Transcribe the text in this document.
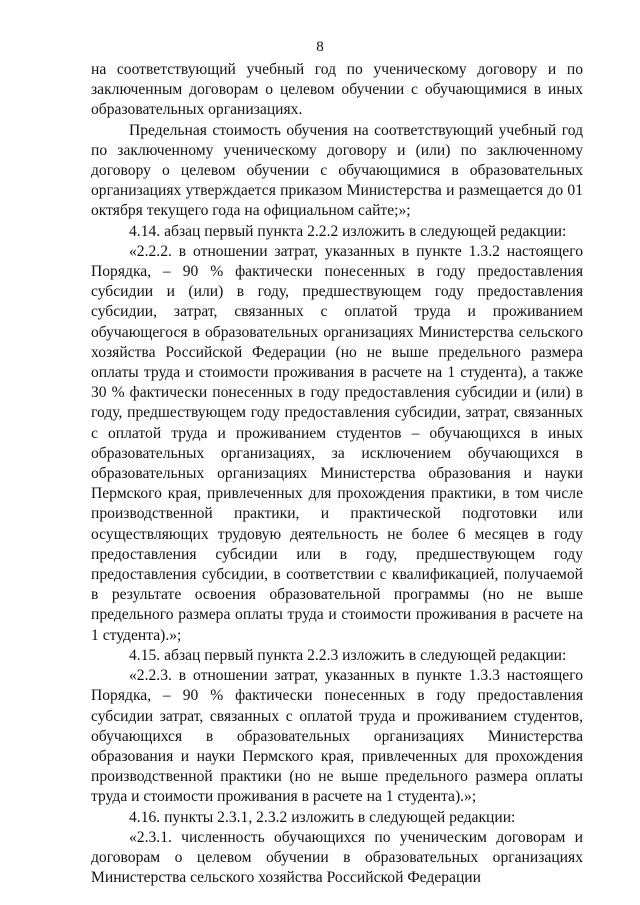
8

на соответствующий учебный год по ученическому договору и по заключенным договорам о целевом обучении с обучающимися в иных образовательных организациях.

Предельная стоимость обучения на соответствующий учебный год по заключенному ученическому договору и (или) по заключенному договору о целевом обучении с обучающимися в образовательных организациях утверждается приказом Министерства и размещается до 01 октября текущего года на официальном сайте;»;

4.14. абзац первый пункта 2.2.2 изложить в следующей редакции:

«2.2.2. в отношении затрат, указанных в пункте 1.3.2 настоящего Порядка, – 90 % фактически понесенных в году предоставления субсидии и (или) в году, предшествующем году предоставления субсидии, затрат, связанных с оплатой труда и проживанием обучающегося в образовательных организациях Министерства сельского хозяйства Российской Федерации (но не выше предельного размера оплаты труда и стоимости проживания в расчете на 1 студента), а также 30 % фактически понесенных в году предоставления субсидии и (или) в году, предшествующем году предоставления субсидии, затрат, связанных с оплатой труда и проживанием студентов – обучающихся в иных образовательных организациях, за исключением обучающихся в образовательных организациях Министерства образования и науки Пермского края, привлеченных для прохождения практики, в том числе производственной практики, и практической подготовки или осуществляющих трудовую деятельность не более 6 месяцев в году предоставления субсидии или в году, предшествующем году предоставления субсидии, в соответствии с квалификацией, получаемой в результате освоения образовательной программы (но не выше предельного размера оплаты труда и стоимости проживания в расчете на 1 студента).»;

4.15. абзац первый пункта 2.2.3 изложить в следующей редакции:

«2.2.3. в отношении затрат, указанных в пункте 1.3.3 настоящего Порядка, – 90 % фактически понесенных в году предоставления субсидии затрат, связанных с оплатой труда и проживанием студентов, обучающихся в образовательных организациях Министерства образования и науки Пермского края, привлеченных для прохождения производственной практики (но не выше предельного размера оплаты труда и стоимости проживания в расчете на 1 студента).»;

4.16. пункты 2.3.1, 2.3.2 изложить в следующей редакции:

«2.3.1. численность обучающихся по ученическим договорам и договорам о целевом обучении в образовательных организациях Министерства сельского хозяйства Российской Федерации
